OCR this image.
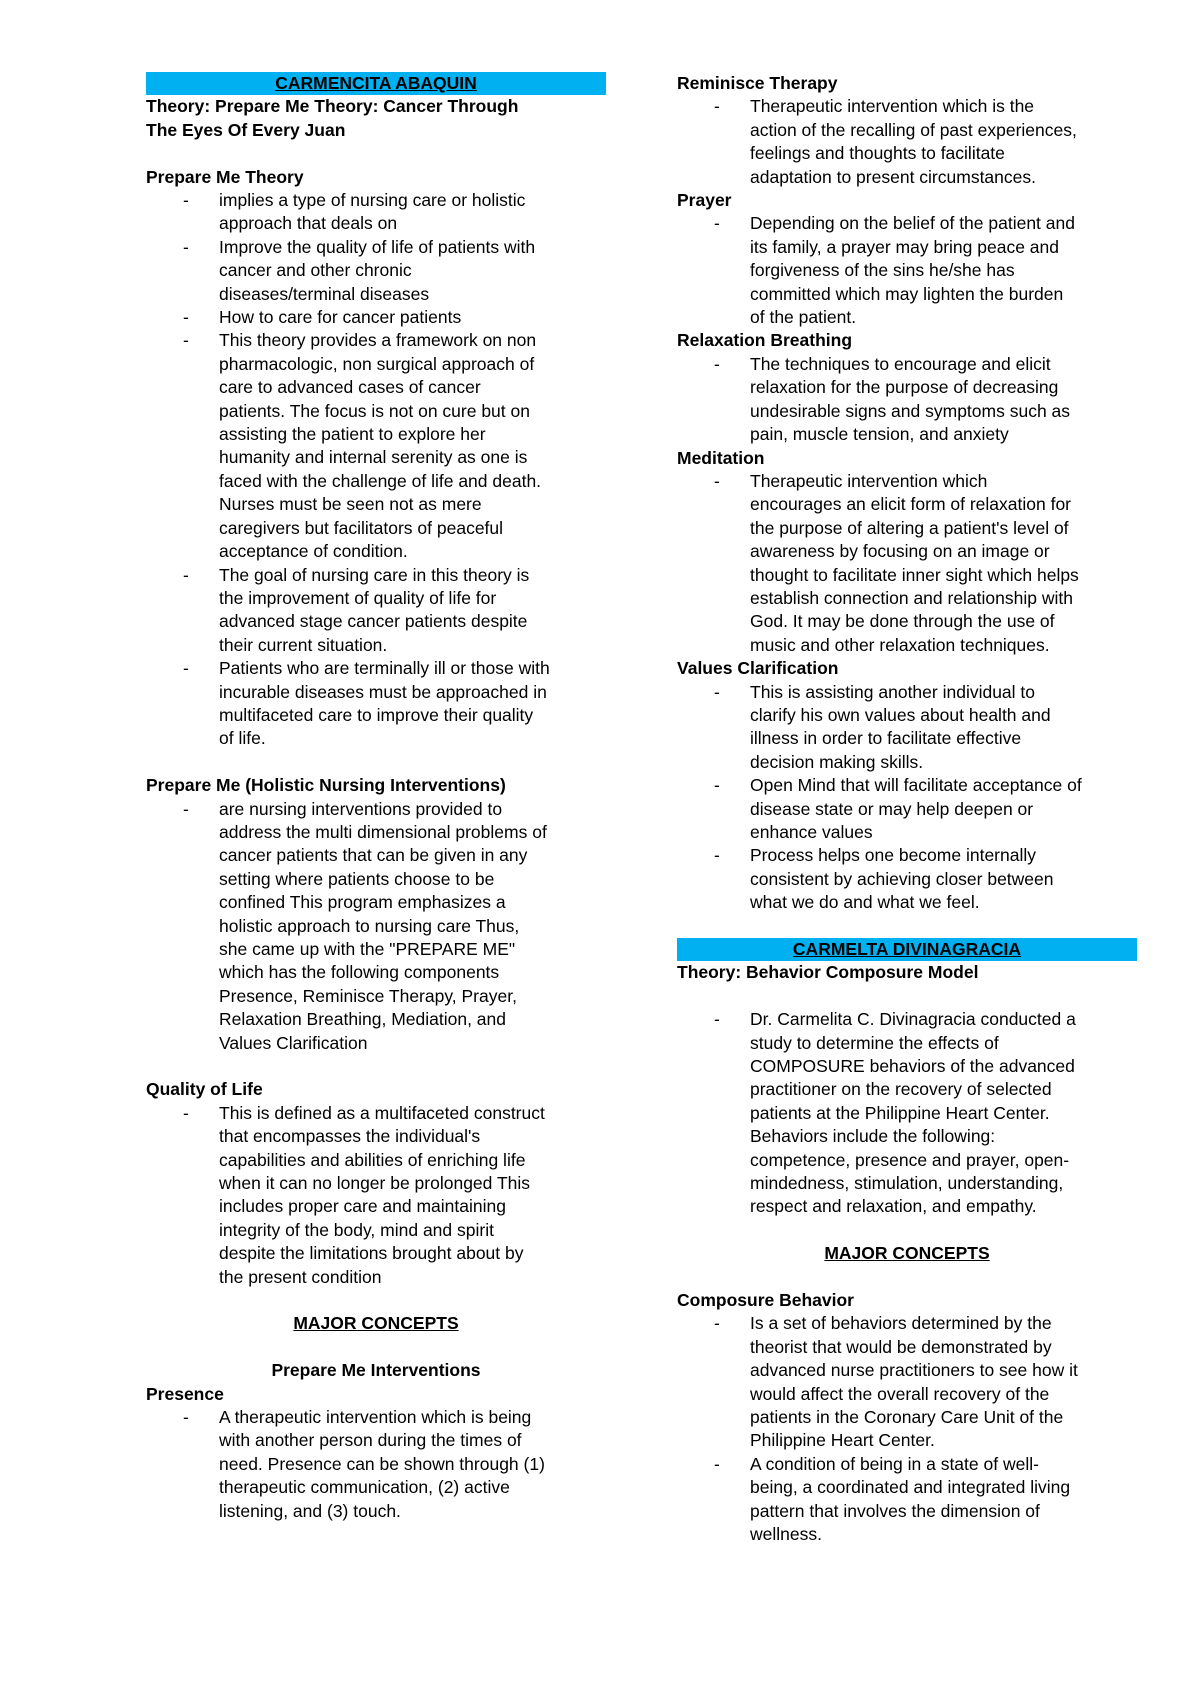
CARMENCITA ABAQUIN
Theory: Prepare Me Theory: Cancer Through
The Eyes Of Every Juan
Prepare Me Theory
- implies a type of nursing care or holistic
approach that deals on
- Improve the quality of life of patients with
cancer and other chronic
diseases/terminal diseases
- How to care for cancer patients
- This theory provides a framework on non
pharmacologic, non surgical approach of
care to advanced cases of cancer
patients. The focus is not on cure but on
assisting the patient to explore her
humanity and internal serenity as one is
faced with the challenge of life and death.
Nurses must be seen not as mere
caregivers but facilitators of peaceful
acceptance of condition.
- The goal of nursing care in this theory is
the improvement of quality of life for
advanced stage cancer patients despite
their current situation.
- Patients who are terminally ill or those with
incurable diseases must be approached in
multifaceted care to improve their quality
of life.
Prepare Me (Holistic Nursing Interventions)
- are nursing interventions provided to
address the multi dimensional problems of
cancer patients that can be given in any
setting where patients choose to be
confined This program emphasizes a
holistic approach to nursing care Thus,
she came up with the "PREPARE ME"
which has the following components
Presence, Reminisce Therapy, Prayer,
Relaxation Breathing, Mediation, and
Values Clarification
Quality of Life
- This is defined as a multifaceted construct
that encompasses the individual's
capabilities and abilities of enriching life
when it can no longer be prolonged This
includes proper care and maintaining
integrity of the body, mind and spirit
despite the limitations brought about by
the present condition
MAJOR CONCEPTS
Prepare Me Interventions
Presence
- A therapeutic intervention which is being
with another person during the times of
need. Presence can be shown through (1)
therapeutic communication, (2) active
listening, and (3) touch.
Reminisce Therapy
- Therapeutic intervention which is the
action of the recalling of past experiences,
feelings and thoughts to facilitate
adaptation to present circumstances.
Prayer
- Depending on the belief of the patient and
its family, a prayer may bring peace and
forgiveness of the sins he/she has
committed which may lighten the burden
of the patient.
Relaxation Breathing
- The techniques to encourage and elicit
relaxation for the purpose of decreasing
undesirable signs and symptoms such as
pain, muscle tension, and anxiety
Meditation
- Therapeutic intervention which
encourages an elicit form of relaxation for
the purpose of altering a patient's level of
awareness by focusing on an image or
thought to facilitate inner sight which helps
establish connection and relationship with
God. It may be done through the use of
music and other relaxation techniques.
Values Clarification
- This is assisting another individual to
clarify his own values about health and
illness in order to facilitate effective
decision making skills.
- Open Mind that will facilitate acceptance of
disease state or may help deepen or
enhance values
- Process helps one become internally
consistent by achieving closer between
what we do and what we feel.
CARMELTA DIVINAGRACIA
Theory: Behavior Composure Model
- Dr. Carmelita C. Divinagracia conducted a
study to determine the effects of
COMPOSURE behaviors of the advanced
practitioner on the recovery of selected
patients at the Philippine Heart Center.
Behaviors include the following:
competence, presence and prayer, open-
mindedness, stimulation, understanding,
respect and relaxation, and empathy.
MAJOR CONCEPTS
Composure Behavior
- Is a set of behaviors determined by the
theorist that would be demonstrated by
advanced nurse practitioners to see how it
would affect the overall recovery of the
patients in the Coronary Care Unit of the
Philippine Heart Center.
- A condition of being in a state of well-
being, a coordinated and integrated living
pattern that involves the dimension of
wellness.
